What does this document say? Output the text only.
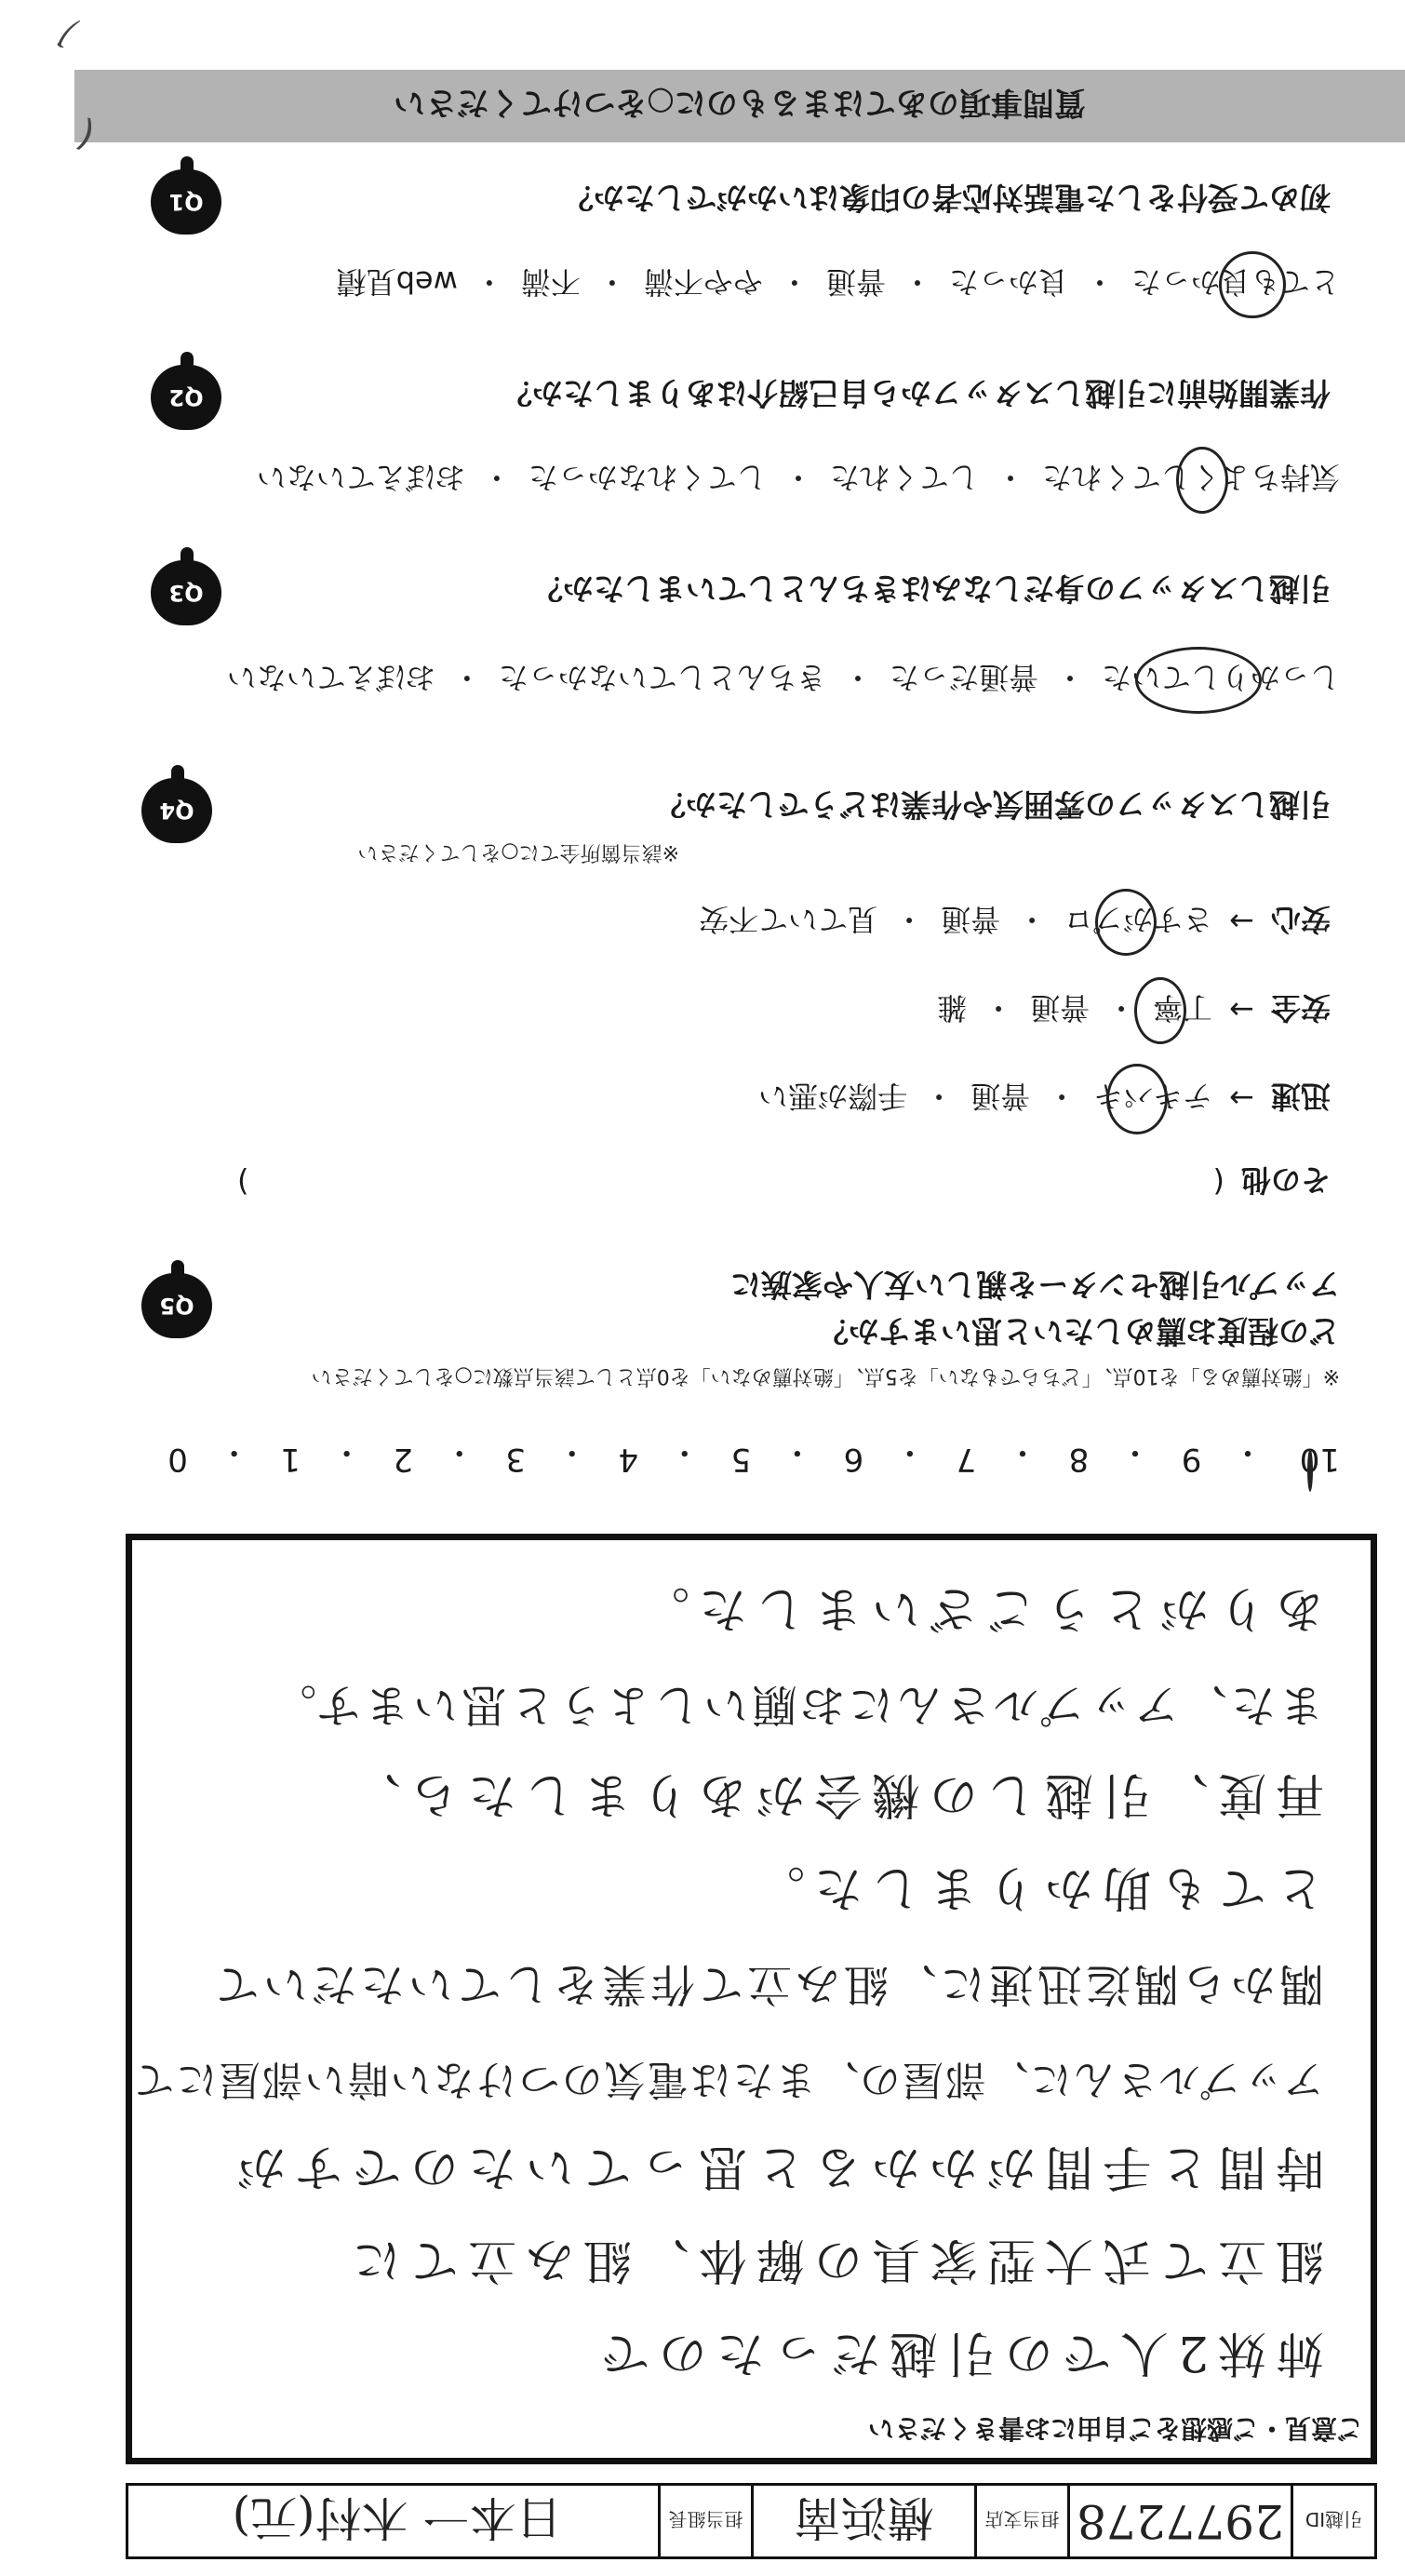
引越ID
2977278
担当支店
横浜南
担当組長
日本一 木村(元)
ご意見・ご感想をご自由にお書きください
姉妹2人での引越だったので
組立て式大型家具の解体、組み立てに
時間と手間がかかると思っていたのですが
アップルさんに、部屋の、または電気のつけない暗い部屋にて
隅から隅迄迅速に、組み立て作業をしていただいて
とても助かりました。
再度、引越しの機会がありましたら、
また、アップルさんにお願いしようと思います。
ありがとうございました。
10
・
9
・
8
・
7
・
6
・
5
・
4
・
3
・
2
・
1
・
0
※「絶対薦める」を10点、「どちらでもない」を5点、「絶対薦めない」を0点として該当点数に○をしてください
どの程度お薦めしたいと思いますか？
アップル引越センターを親しい友人や家族に
Q5
その他
(
)
迅速
→
テキパキ
・
普通
・
手際が悪い
安全
→
丁寧
・
普通
・
雑
安心
→
さすがプロ
・
普通
・
見ていて不安
※該当箇所全てに○をしてください
引越しスタッフの雰囲気や作業はどうでしたか？
Q4
しっかりしていた
・
普通だった
・
きちんとしていなかった
・
おぼえていない
引越しスタッフの身だしなみはきちんとしていましたか？
Q3
気持ちよくしてくれた
・
してくれた
・
してくれなかった
・
おぼえていない
作業開始前に引越しスタッフから自己紹介はありましたか？
Q2
とても良かった
・
良かった
・
普通
・
やや不満
・
不満
・
web見積
初めて受付をした電話対応者の印象はいかがでしたか？
Q1
質問事項のあてはまるものに○をつけてください
(
ノ
